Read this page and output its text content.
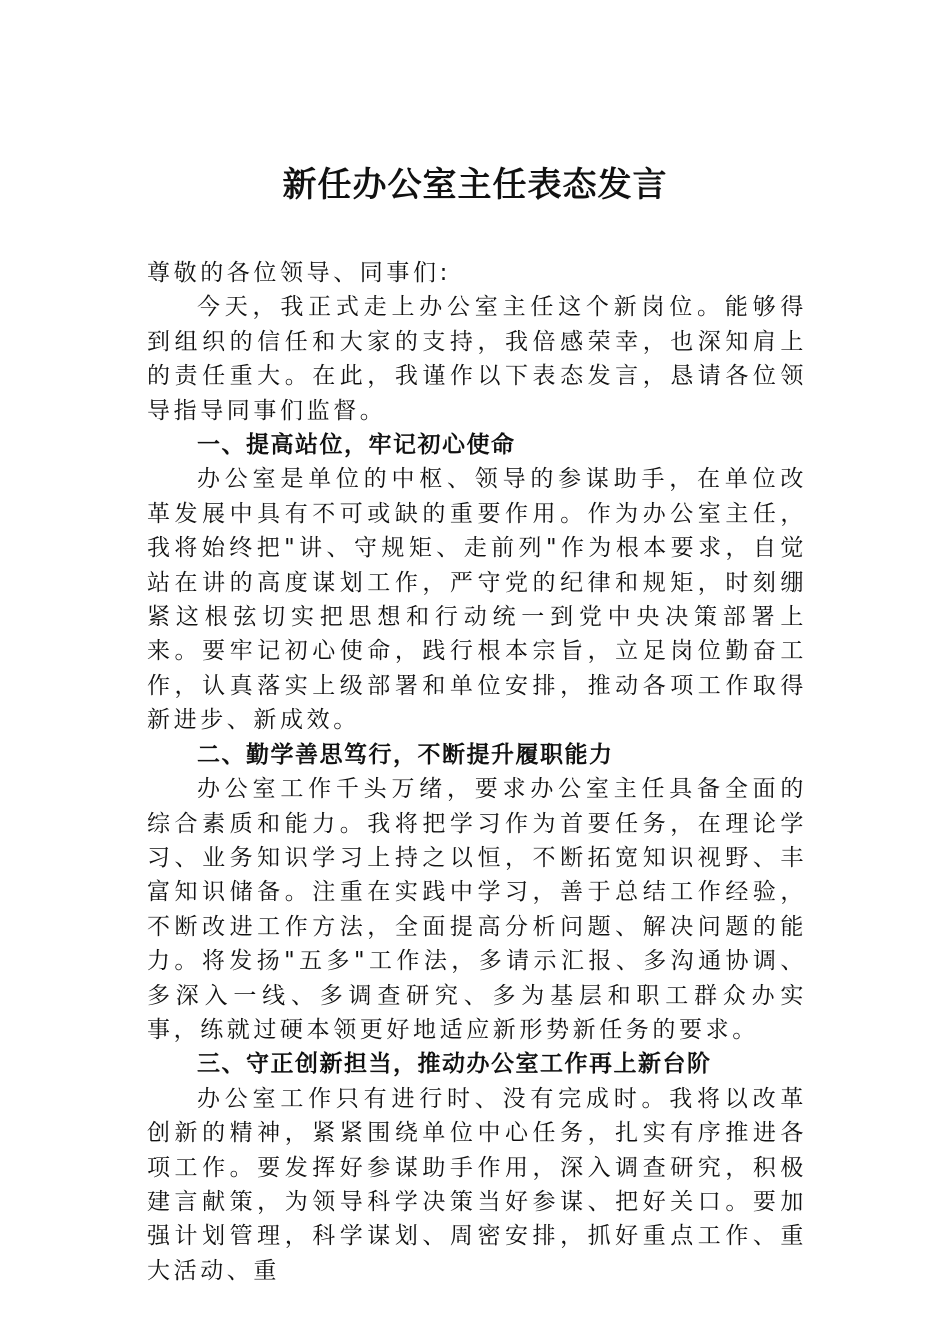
新任办公室主任表态发言

尊敬的各位领导、同事们:

今天，我正式走上办公室主任这个新岗位。能够得到组织的信任和大家的支持，我倍感荣幸，也深知肩上的责任重大。在此，我谨作以下表态发言，恳请各位领导指导同事们监督。

一、提高站位，牢记初心使命

办公室是单位的中枢、领导的参谋助手，在单位改革发展中具有不可或缺的重要作用。作为办公室主任，我将始终把"讲、守规矩、走前列"作为根本要求，自觉站在讲的高度谋划工作，严守党的纪律和规矩，时刻绷紧这根弦切实把思想和行动统一到党中央决策部署上来。要牢记初心使命，践行根本宗旨，立足岗位勤奋工作，认真落实上级部署和单位安排，推动各项工作取得新进步、新成效。

二、勤学善思笃行，不断提升履职能力

办公室工作千头万绪，要求办公室主任具备全面的综合素质和能力。我将把学习作为首要任务，在理论学习、业务知识学习上持之以恒，不断拓宽知识视野、丰富知识储备。注重在实践中学习，善于总结工作经验，不断改进工作方法，全面提高分析问题、解决问题的能力。将发扬"五多"工作法，多请示汇报、多沟通协调、多深入一线、多调查研究、多为基层和职工群众办实事，练就过硬本领更好地适应新形势新任务的要求。

三、守正创新担当，推动办公室工作再上新台阶

办公室工作只有进行时、没有完成时。我将以改革创新的精神，紧紧围绕单位中心任务，扎实有序推进各项工作。要发挥好参谋助手作用，深入调查研究，积极建言献策，为领导科学决策当好参谋、把好关口。要加强计划管理，科学谋划、周密安排，抓好重点工作、重大活动、重
